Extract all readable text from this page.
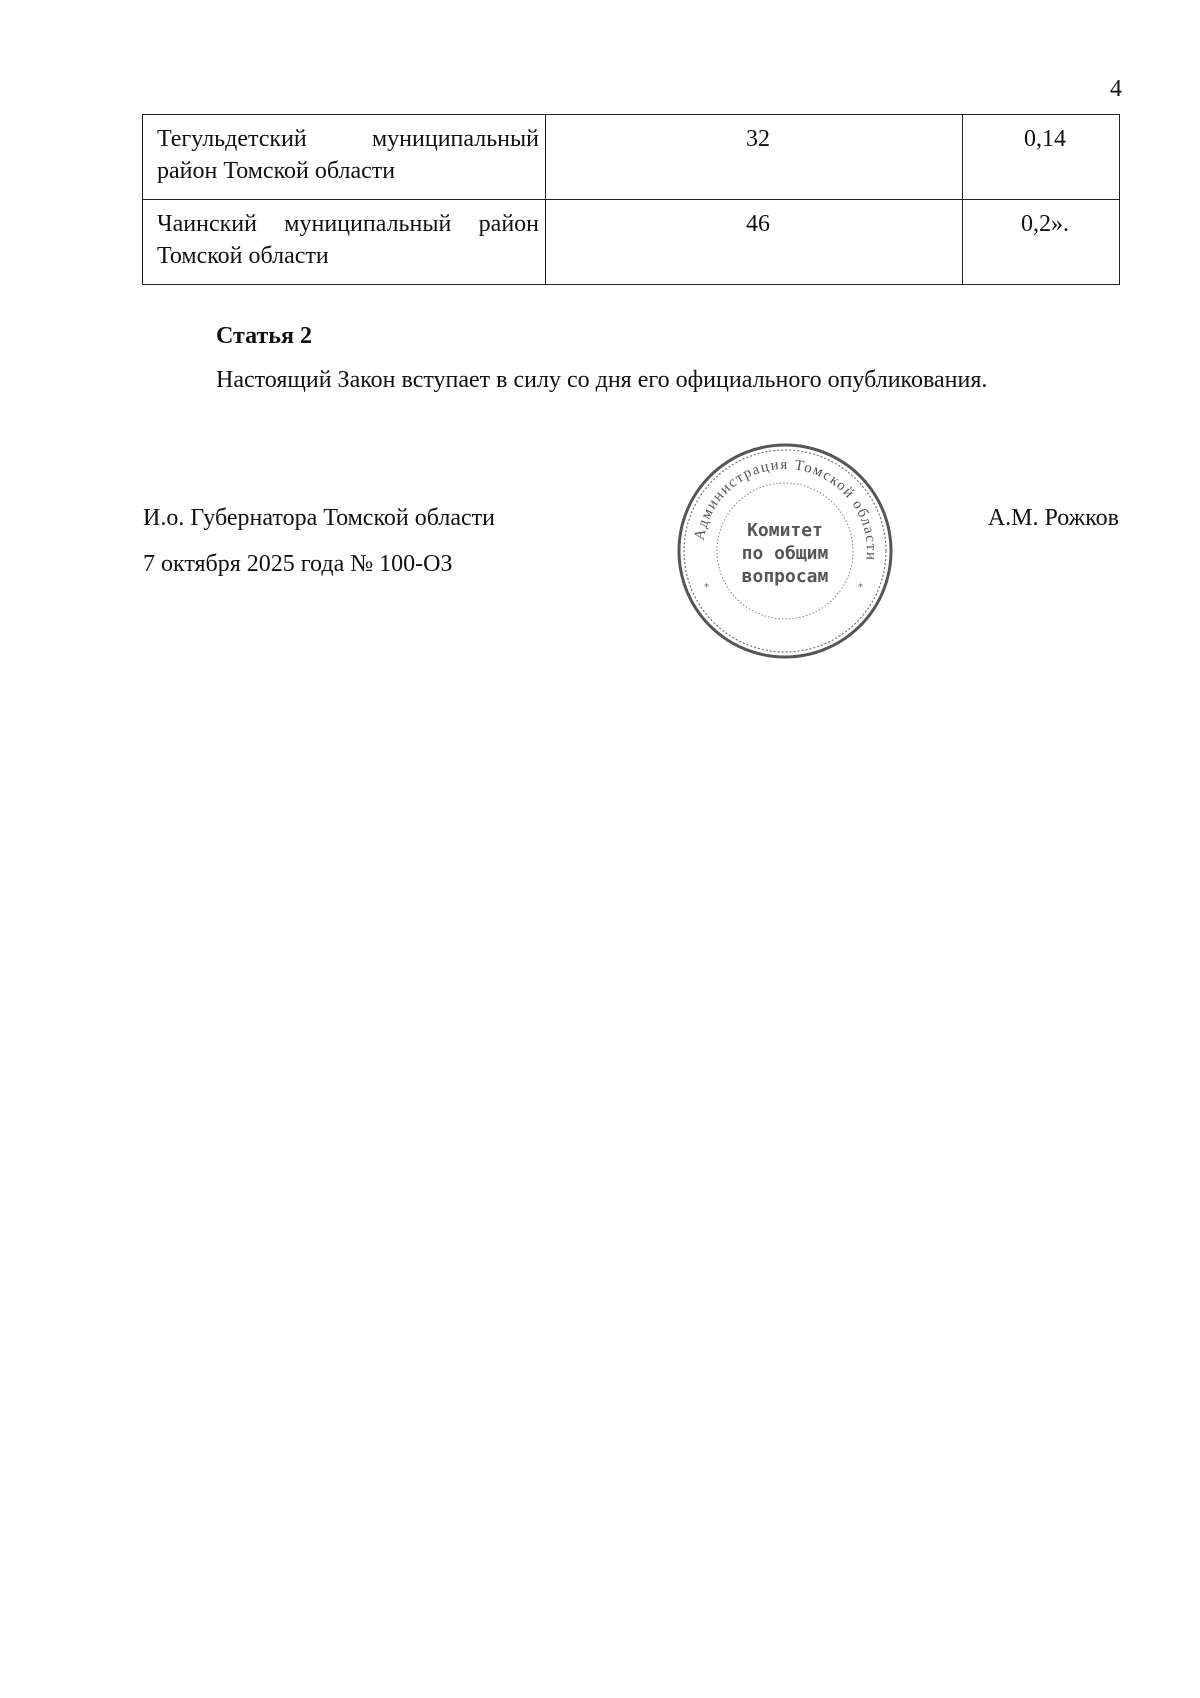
4
Тегульдетский муниципальный район Томской области	32	0,14
Чаинский муниципальный район Томской области	46	0,2».
Статья 2
Настоящий Закон вступает в силу со дня его официального опубликования.
И.о. Губернатора Томской области
7 октября 2025 года № 100-ОЗ
А.М. Рожков
Администрация Томской области
*	*
Комитет
по общим
вопросам
